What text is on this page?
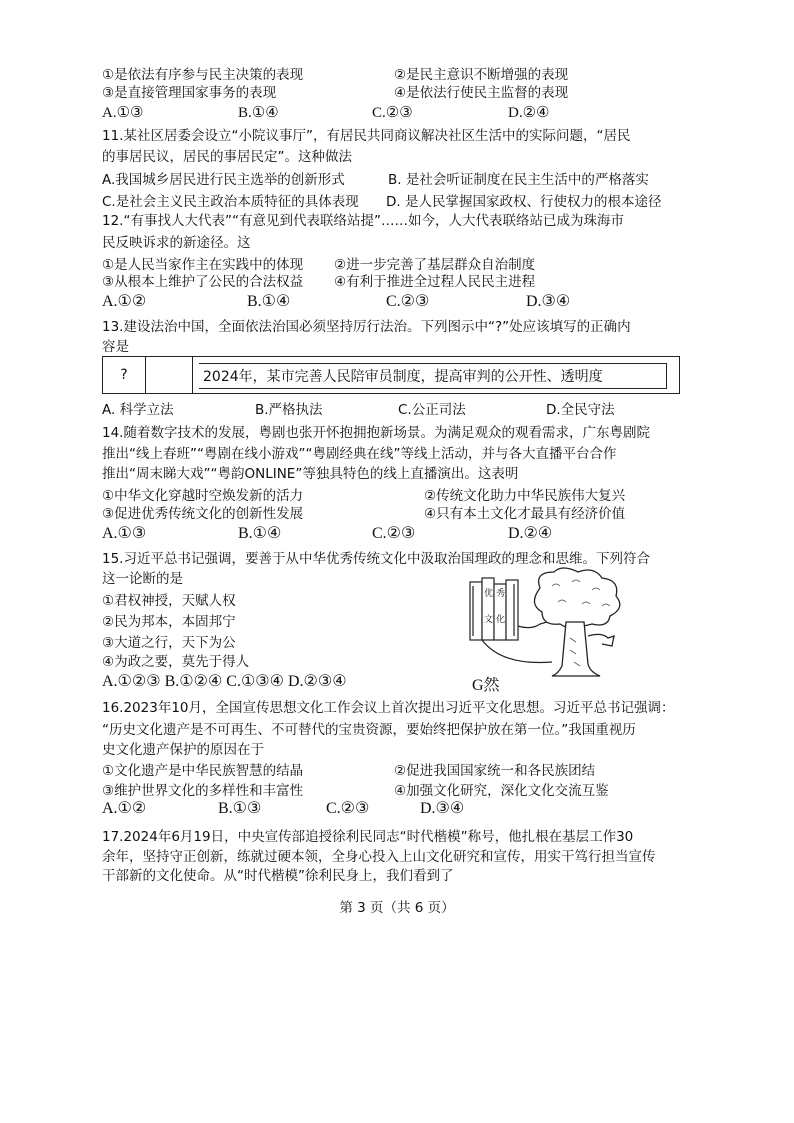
①是依法有序参与民主决策的表现	②是民主意识不断增强的表现
③是直接管理国家事务的表现	④是依法行使民主监督的表现
A.①③	B.①④	C.②③	D.②④
11.某社区居委会设立“小院议事厅”，有居民共同商议解决社区生活中的实际问题，“居民
的事居民议，居民的事居民定”。这种做法
A.我国城乡居民进行民主选举的创新形式	B. 是社会听证制度在民主生活中的严格落实
C.是社会主义民主政治本质特征的具体表现 D. 是人民掌握国家政权、行使权力的根本途径
12.“有事找人大代表”“有意见到代表联络站提”……如今，人大代表联络站已成为珠海市
民反映诉求的新途径。这
①是人民当家作主在实践中的体现 ②进一步完善了基层群众自治制度
③从根本上维护了公民的合法权益 ④有利于推进全过程人民民主进程
A.①②	B.①④	C.②③	D.③④
13.建设法治中国，全面依法治国必须坚持厉行法治。下列图示中“?”处应该填写的正确内
容是
?	2024年，某市完善人民陪审员制度，提高审判的公开性、透明度
A. 科学立法	B.严格执法	C.公正司法	D.全民守法
14.随着数字技术的发展，粤剧也张开怀抱拥抱新场景。为满足观众的观看需求，广东粤剧院
推出“线上春班”“粤剧在线小游戏”“粤剧经典在线”等线上活动，并与各大直播平台合作
推出“周末睇大戏”“粤韵ONLINE”等独具特色的线上直播演出。这表明
①中华文化穿越时空焕发新的活力	②传统文化助力中华民族伟大复兴
③促进优秀传统文化的创新性发展	④只有本土文化才最具有经济价值
A.①③	B.①④	C.②③	D.②④
15.习近平总书记强调，要善于从中华优秀传统文化中汲取治国理政的理念和思维。下列符合
这一论断的是
①君权神授，天赋人权
②民为邦本，本固邦宁
③大道之行，天下为公
④为政之要，莫先于得人
A.①②③ B.①②④ C.①③④ D.②③④
优 秀
文 化
G然
16.2023年10月，全国宣传思想文化工作会议上首次提出习近平文化思想。习近平总书记强调：
“历史文化遗产是不可再生、不可替代的宝贵资源，要始终把保护放在第一位。”我国重视历
史文化遗产保护的原因在于
①文化遗产是中华民族智慧的结晶	②促进我国国家统一和各民族团结
③维护世界文化的多样性和丰富性	④加强文化研究，深化文化交流互鉴
A.①②	B.①③	C.②③	D.③④
17.2024年6月19日，中央宣传部追授徐利民同志“时代楷模”称号，他扎根在基层工作30
余年，坚持守正创新，练就过硬本领，全身心投入上山文化研究和宣传，用实干笃行担当宣传
干部新的文化使命。从“时代楷模”徐利民身上，我们看到了
第 3 页（共 6 页）
